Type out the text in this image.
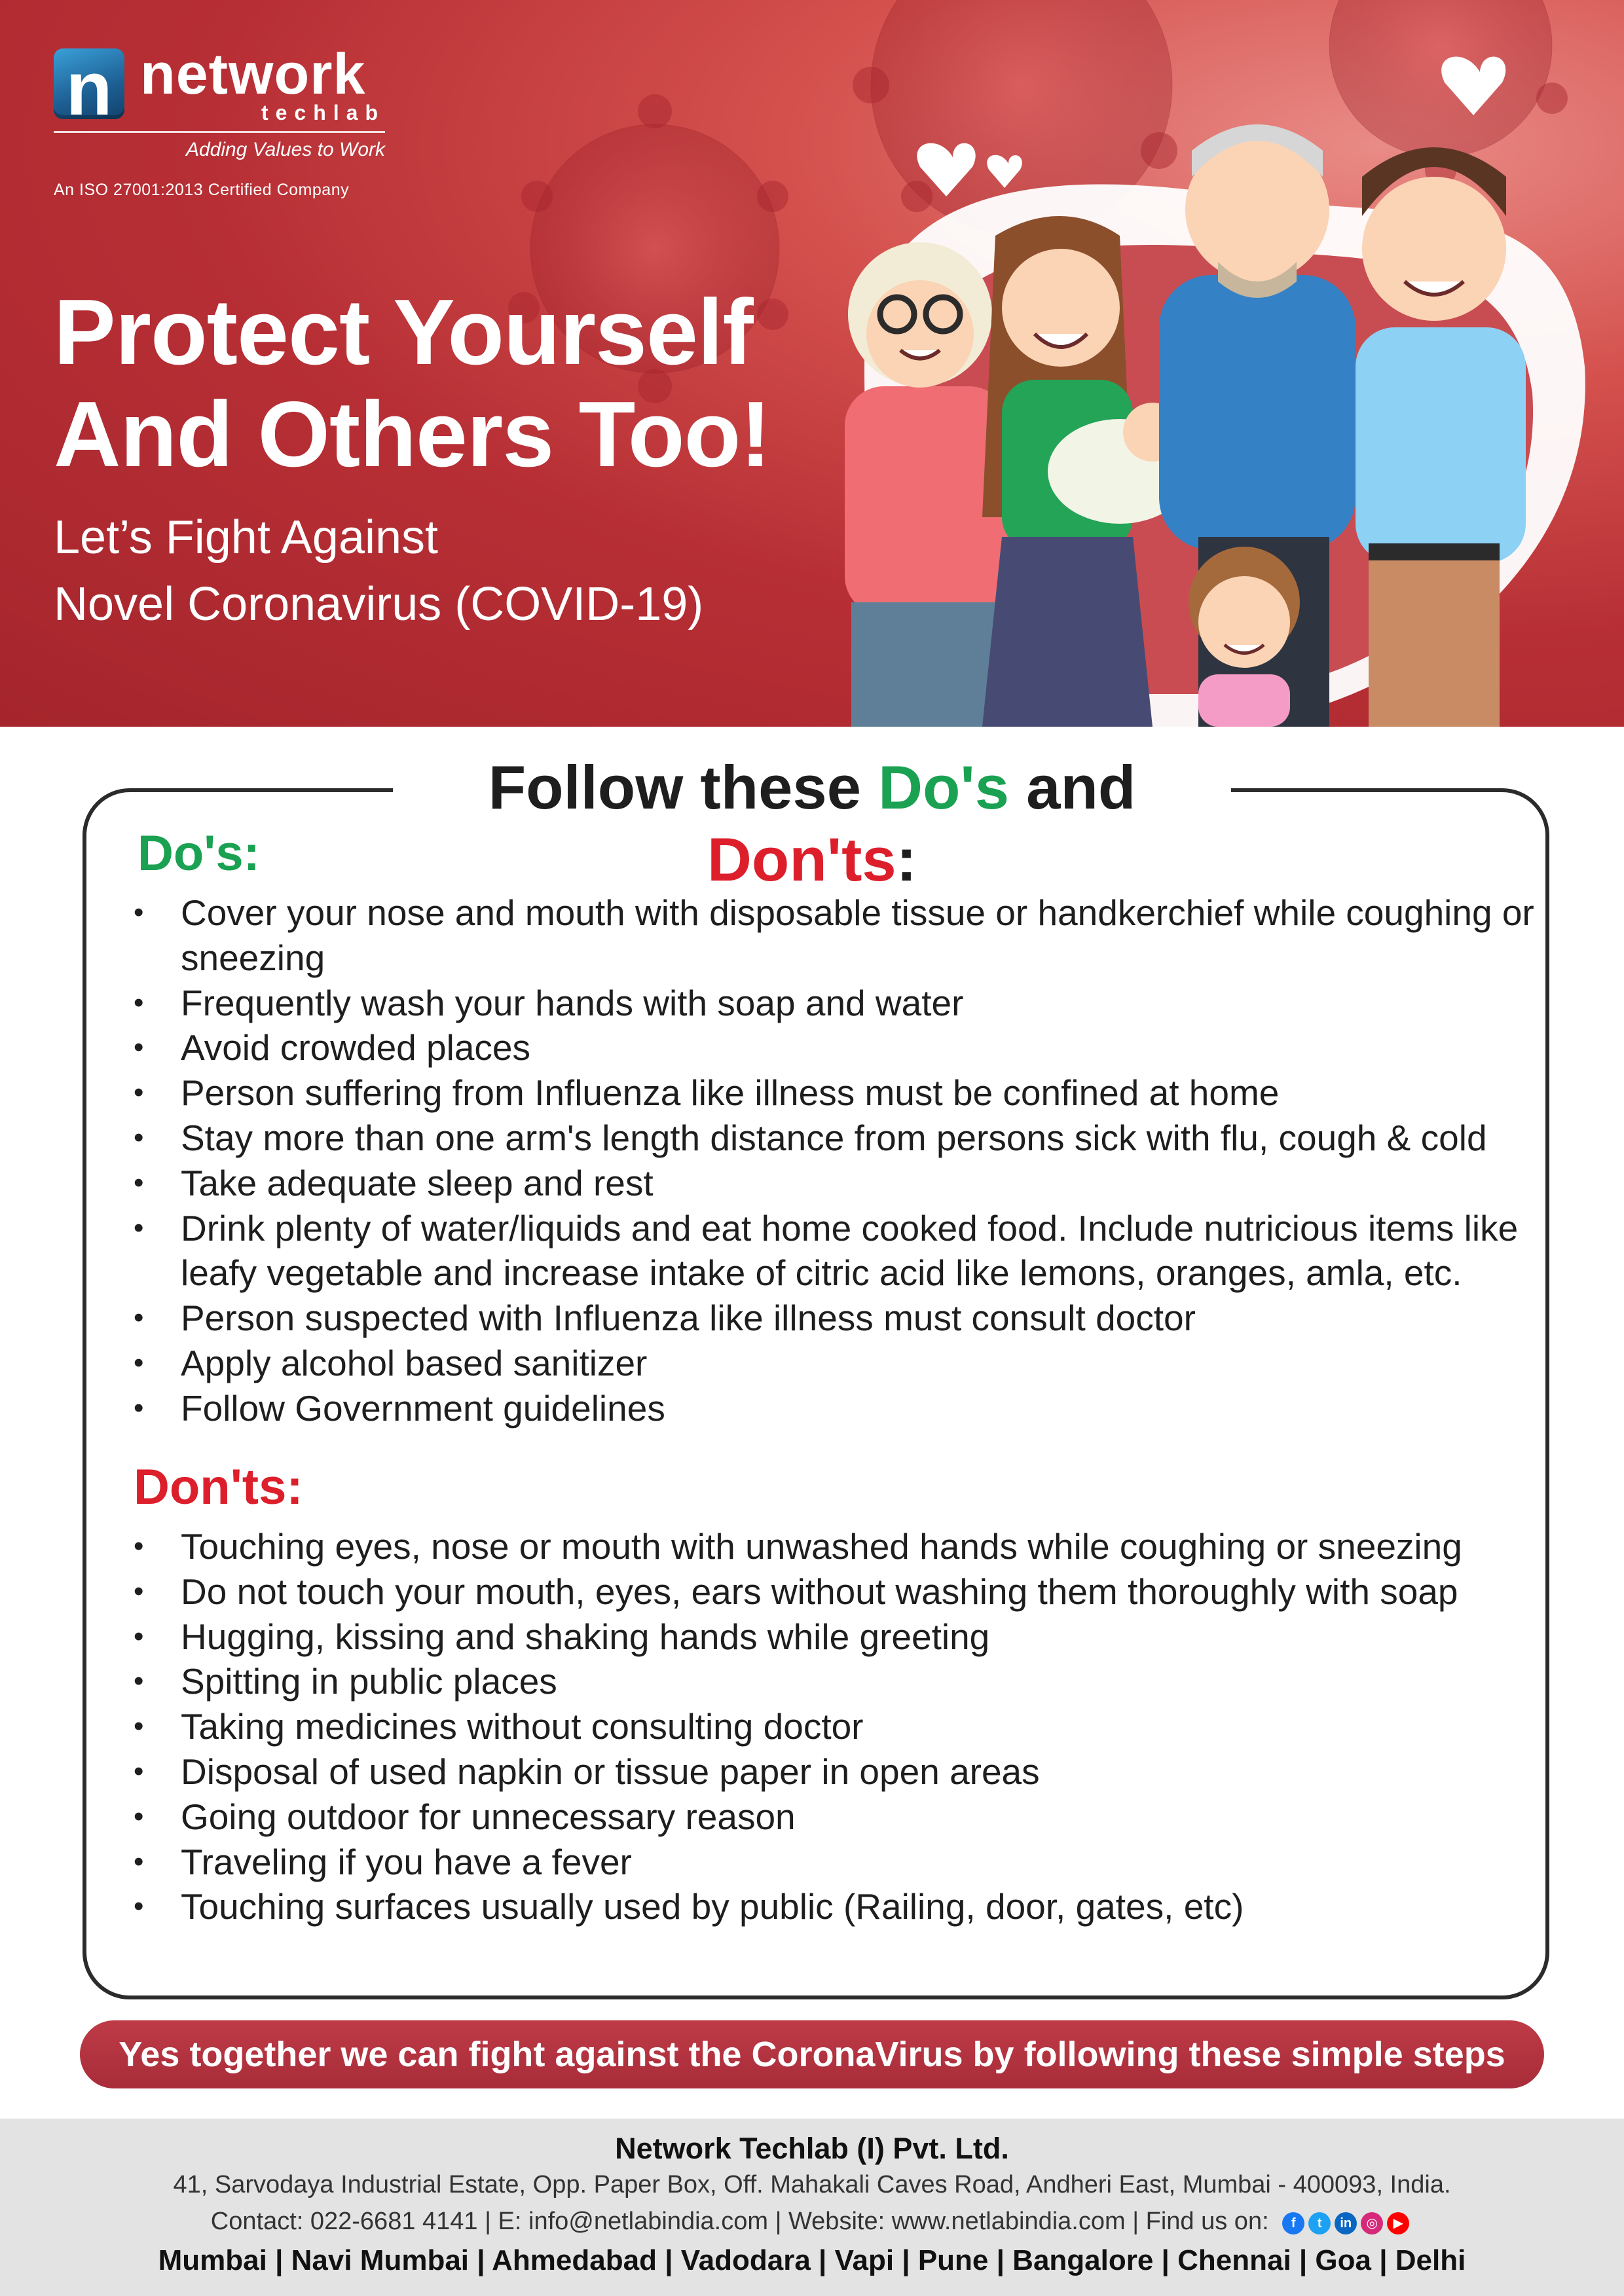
n network
techlab
Adding Values to Work
An ISO 27001:2013 Certified Company
Protect Yourself
And Others Too!
Let’s Fight Against
Novel Coronavirus (COVID-19)
Follow these Do's and Don'ts:
Do's:
• Cover your nose and mouth with disposable tissue or handkerchief while coughing or sneezing
• Frequently wash your hands with soap and water
• Avoid crowded places
• Person suffering from Influenza like illness must be confined at home
• Stay more than one arm's length distance from persons sick with flu, cough & cold
• Take adequate sleep and rest
• Drink plenty of water/liquids and eat home cooked food. Include nutricious items like leafy vegetable and increase intake of citric acid like lemons, oranges, amla, etc.
• Person suspected with Influenza like illness must consult doctor
• Apply alcohol based sanitizer
• Follow Government guidelines
Don'ts:
• Touching eyes, nose or mouth with unwashed hands while coughing or sneezing
• Do not touch your mouth, eyes, ears without washing them thoroughly with soap
• Hugging, kissing and shaking hands while greeting
• Spitting in public places
• Taking medicines without consulting doctor
• Disposal of used napkin or tissue paper in open areas
• Going outdoor for unnecessary reason
• Traveling if you have a fever
• Touching surfaces usually used by public (Railing, door, gates, etc)
Yes together we can fight against the CoronaVirus by following these simple steps
Network Techlab (I) Pvt. Ltd.
41, Sarvodaya Industrial Estate, Opp. Paper Box, Off. Mahakali Caves Road, Andheri East, Mumbai - 400093, India.
Contact: 022-6681 4141 | E: info@netlabindia.com | Website: www.netlabindia.com | Find us on: f t in ◎ ▶
Mumbai | Navi Mumbai | Ahmedabad | Vadodara | Vapi | Pune | Bangalore | Chennai | Goa | Delhi
